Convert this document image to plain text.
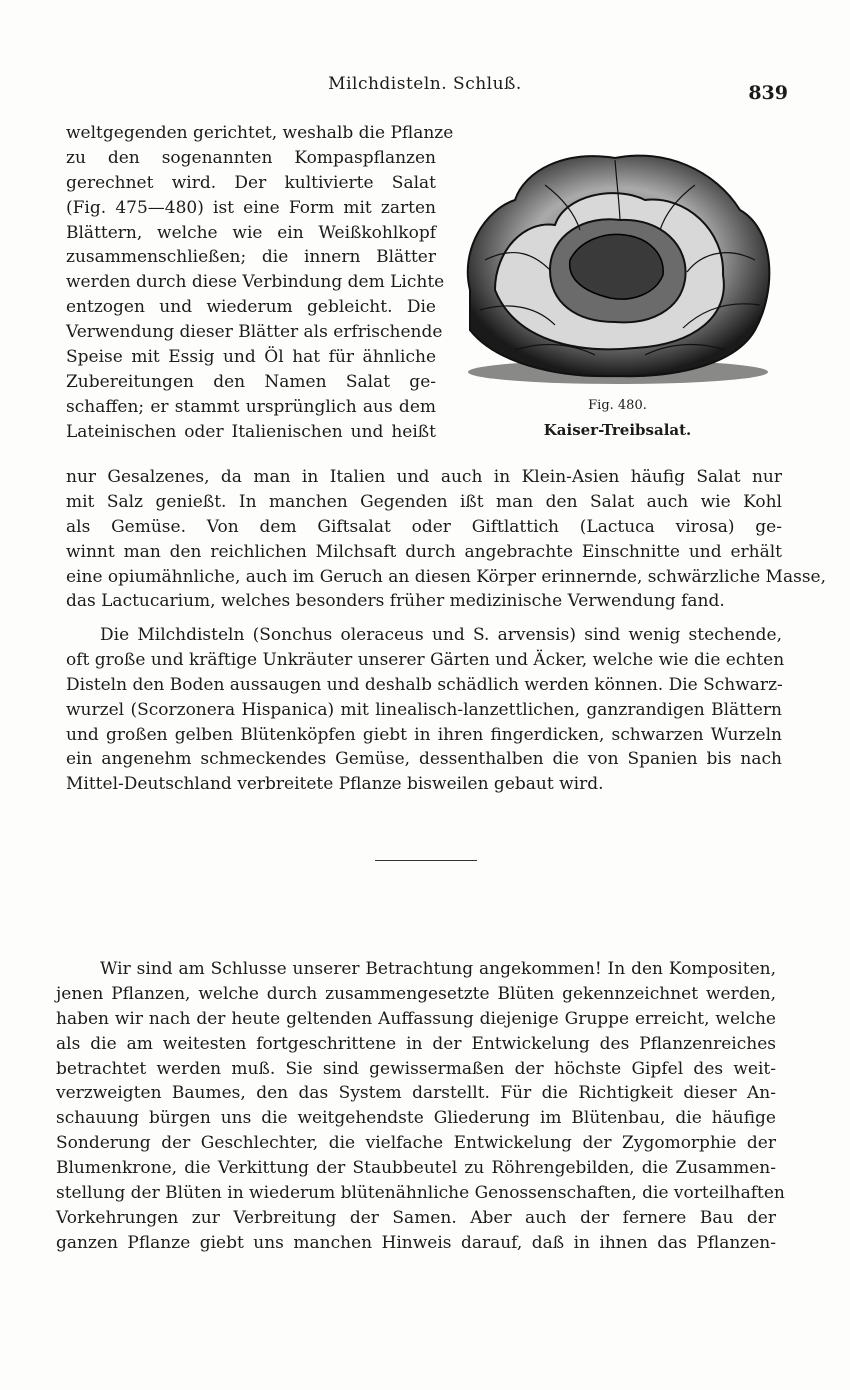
Milchdisteln. Schluß.	839
Fig. 480.
Kaiser-Treibsalat.
weltgegenden gerichtet, weshalb die Pflanze
zu den sogenannten Kompaspflanzen
gerechnet wird. Der kultivierte Salat
(Fig. 475—480) ist eine Form mit zarten
Blättern, welche wie ein Weißkohlkopf
zusammenschließen; die innern Blätter
werden durch diese Verbindung dem Lichte
entzogen und wiederum gebleicht. Die
Verwendung dieser Blätter als erfrischende
Speise mit Essig und Öl hat für ähnliche
Zubereitungen den Namen Salat ge-
schaffen; er stammt ursprünglich aus dem
Lateinischen oder Italienischen und heißt
nur Gesalzenes, da man in Italien und auch in Klein-Asien häufig Salat nur
mit Salz genießt. In manchen Gegenden ißt man den Salat auch wie Kohl
als Gemüse. Von dem Giftsalat oder Giftlattich (Lactuca virosa) ge-
winnt man den reichlichen Milchsaft durch angebrachte Einschnitte und erhält
eine opiumähnliche, auch im Geruch an diesen Körper erinnernde, schwärzliche Masse,
das Lactucarium, welches besonders früher medizinische Verwendung fand.
Die Milchdisteln (Sonchus oleraceus und S. arvensis) sind wenig stechende,
oft große und kräftige Unkräuter unserer Gärten und Äcker, welche wie die echten
Disteln den Boden aussaugen und deshalb schädlich werden können. Die Schwarz-
wurzel (Scorzonera Hispanica) mit linealisch-lanzettlichen, ganzrandigen Blättern
und großen gelben Blütenköpfen giebt in ihren fingerdicken, schwarzen Wurzeln
ein angenehm schmeckendes Gemüse, dessenthalben die von Spanien bis nach
Mittel-Deutschland verbreitete Pflanze bisweilen gebaut wird.
Wir sind am Schlusse unserer Betrachtung angekommen! In den Kompositen,
jenen Pflanzen, welche durch zusammengesetzte Blüten gekennzeichnet werden,
haben wir nach der heute geltenden Auffassung diejenige Gruppe erreicht, welche
als die am weitesten fortgeschrittene in der Entwickelung des Pflanzenreiches
betrachtet werden muß. Sie sind gewissermaßen der höchste Gipfel des weit-
verzweigten Baumes, den das System darstellt. Für die Richtigkeit dieser An-
schauung bürgen uns die weitgehendste Gliederung im Blütenbau, die häufige
Sonderung der Geschlechter, die vielfache Entwickelung der Zygomorphie der
Blumenkrone, die Verkittung der Staubbeutel zu Röhrengebilden, die Zusammen-
stellung der Blüten in wiederum blütenähnliche Genossenschaften, die vorteilhaften
Vorkehrungen zur Verbreitung der Samen. Aber auch der fernere Bau der
ganzen Pflanze giebt uns manchen Hinweis darauf, daß in ihnen das Pflanzen-
